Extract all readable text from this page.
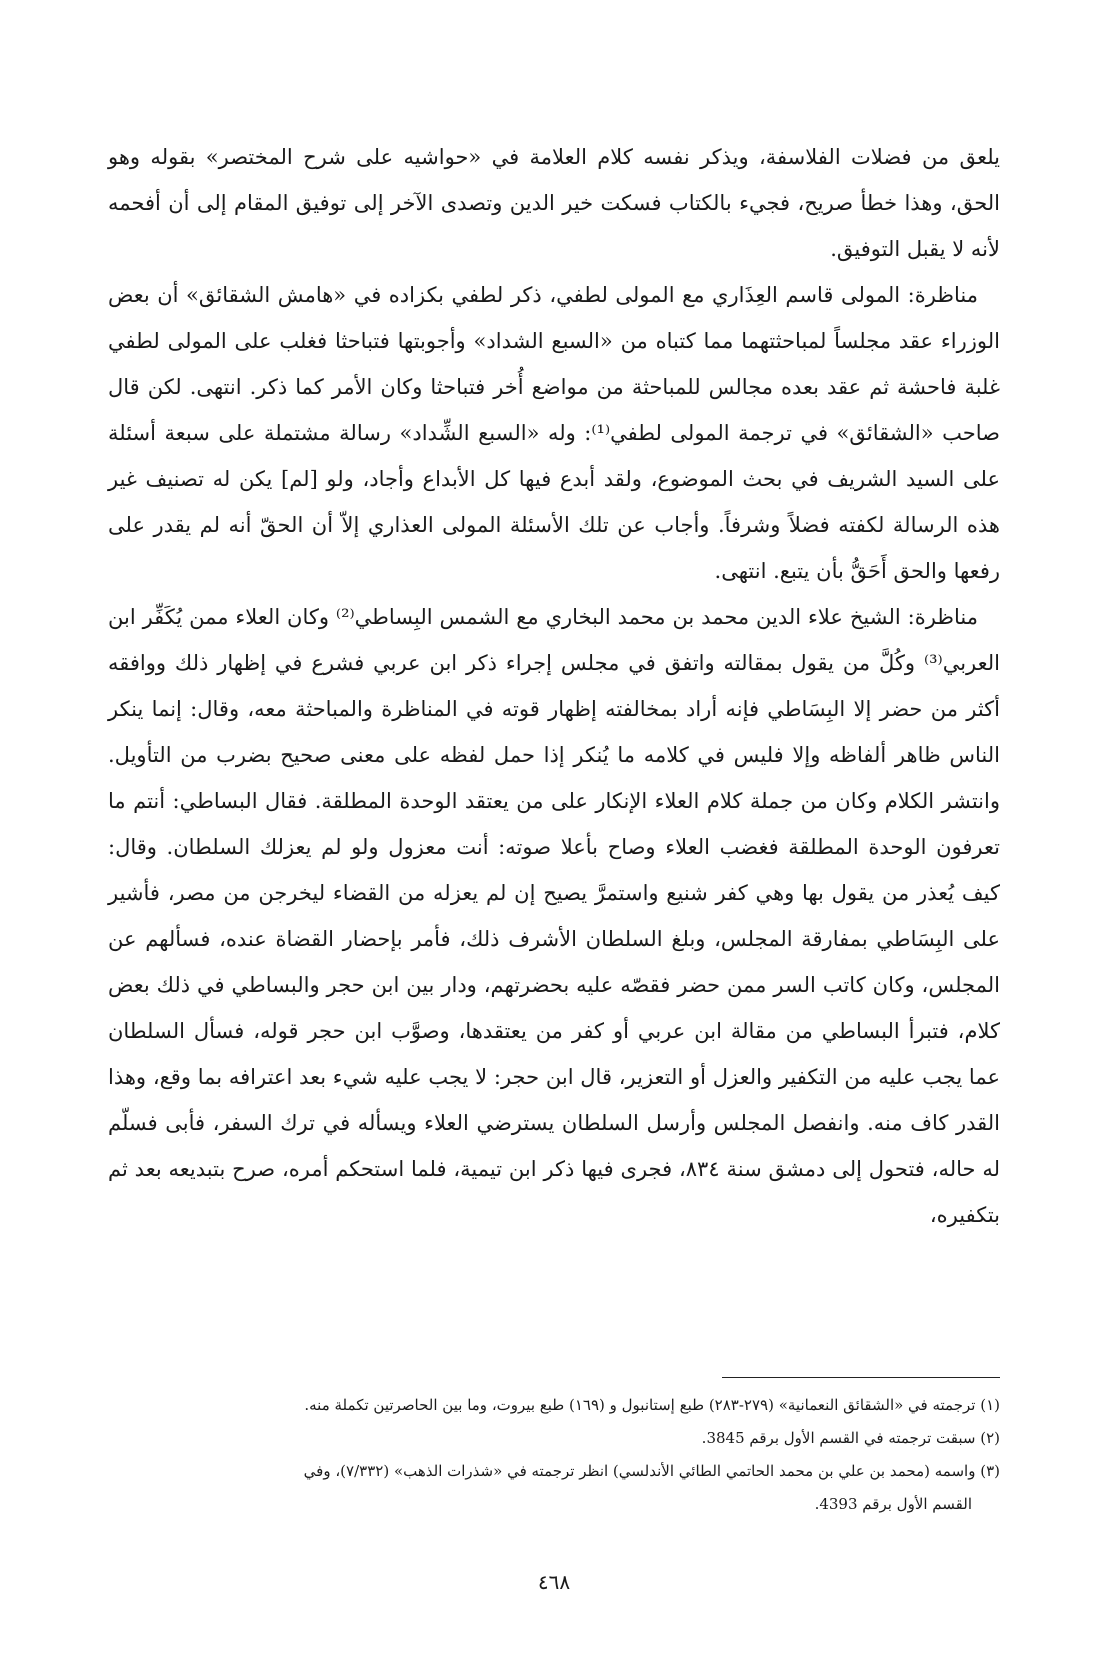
يلعق من فضلات الفلاسفة، ويذكر نفسه كلام العلامة في «حواشيه على شرح المختصر» بقوله وهو الحق، وهذا خطأ صريح، فجيء بالكتاب فسكت خير الدين وتصدى الآخر إلى توفيق المقام إلى أن أفحمه لأنه لا يقبل التوفيق.

مناظرة: المولى قاسم العِذَاري مع المولى لطفي، ذكر لطفي بكزاده في «هامش الشقائق» أن بعض الوزراء عقد مجلساً لمباحثتهما مما كتباه من «السبع الشداد» وأجوبتها فتباحثا فغلب على المولى لطفي غلبة فاحشة ثم عقد بعده مجالس للمباحثة من مواضع أُخر فتباحثا وكان الأمر كما ذكر. انتهى. لكن قال صاحب «الشقائق» في ترجمة المولى لطفي⁽¹⁾: وله «السبع الشِّداد» رسالة مشتملة على سبعة أسئلة على السيد الشريف في بحث الموضوع، ولقد أبدع فيها كل الأبداع وأجاد، ولو [لم] يكن له تصنيف غير هذه الرسالة لكفته فضلاً وشرفاً. وأجاب عن تلك الأسئلة المولى العذاري إلاّ أن الحقّ أنه لم يقدر على رفعها والحق أَحَقُّ بأن يتبع. انتهى.

مناظرة: الشيخ علاء الدين محمد بن محمد البخاري مع الشمس البِساطي⁽²⁾ وكان العلاء ممن يُكَفِّر ابن العربي⁽³⁾ وكُلَّ من يقول بمقالته واتفق في مجلس إجراء ذكر ابن عربي فشرع في إظهار ذلك ووافقه أكثر من حضر إلا البِسَاطي فإنه أراد بمخالفته إظهار قوته في المناظرة والمباحثة معه، وقال: إنما ينكر الناس ظاهر ألفاظه وإلا فليس في كلامه ما يُنكر إذا حمل لفظه على معنى صحيح بضرب من التأويل. وانتشر الكلام وكان من جملة كلام العلاء الإنكار على من يعتقد الوحدة المطلقة. فقال البساطي: أنتم ما تعرفون الوحدة المطلقة فغضب العلاء وصاح بأعلا صوته: أنت معزول ولو لم يعزلك السلطان. وقال: كيف يُعذر من يقول بها وهي كفر شنيع واستمرَّ يصيح إن لم يعزله من القضاء ليخرجن من مصر، فأشير على البِسَاطي بمفارقة المجلس، وبلغ السلطان الأشرف ذلك، فأمر بإحضار القضاة عنده، فسألهم عن المجلس، وكان كاتب السر ممن حضر فقصّه عليه بحضرتهم، ودار بين ابن حجر والبساطي في ذلك بعض كلام، فتبرأ البساطي من مقالة ابن عربي أو كفر من يعتقدها، وصوَّب ابن حجر قوله، فسأل السلطان عما يجب عليه من التكفير والعزل أو التعزير، قال ابن حجر: لا يجب عليه شيء بعد اعترافه بما وقع، وهذا القدر كاف منه. وانفصل المجلس وأرسل السلطان يسترضي العلاء ويسأله في ترك السفر، فأبى فسلّم له حاله، فتحول إلى دمشق سنة ٨٣٤، فجرى فيها ذكر ابن تيمية، فلما استحكم أمره، صرح بتبديعه بعد ثم بتكفيره،

(١) ترجمته في «الشقائق النعمانية» (٢٧٩-٢٨٣) طبع إستانبول و (١٦٩) طبع بيروت، وما بين الحاصرتين تكملة منه.

(٢) سبقت ترجمته في القسم الأول برقم 3845.

(٣) واسمه (محمد بن علي بن محمد الحاتمي الطائي الأندلسي) انظر ترجمته في «شذرات الذهب» (٧/٣٣٢)، وفي

القسم الأول برقم 4393.

٤٦٨
